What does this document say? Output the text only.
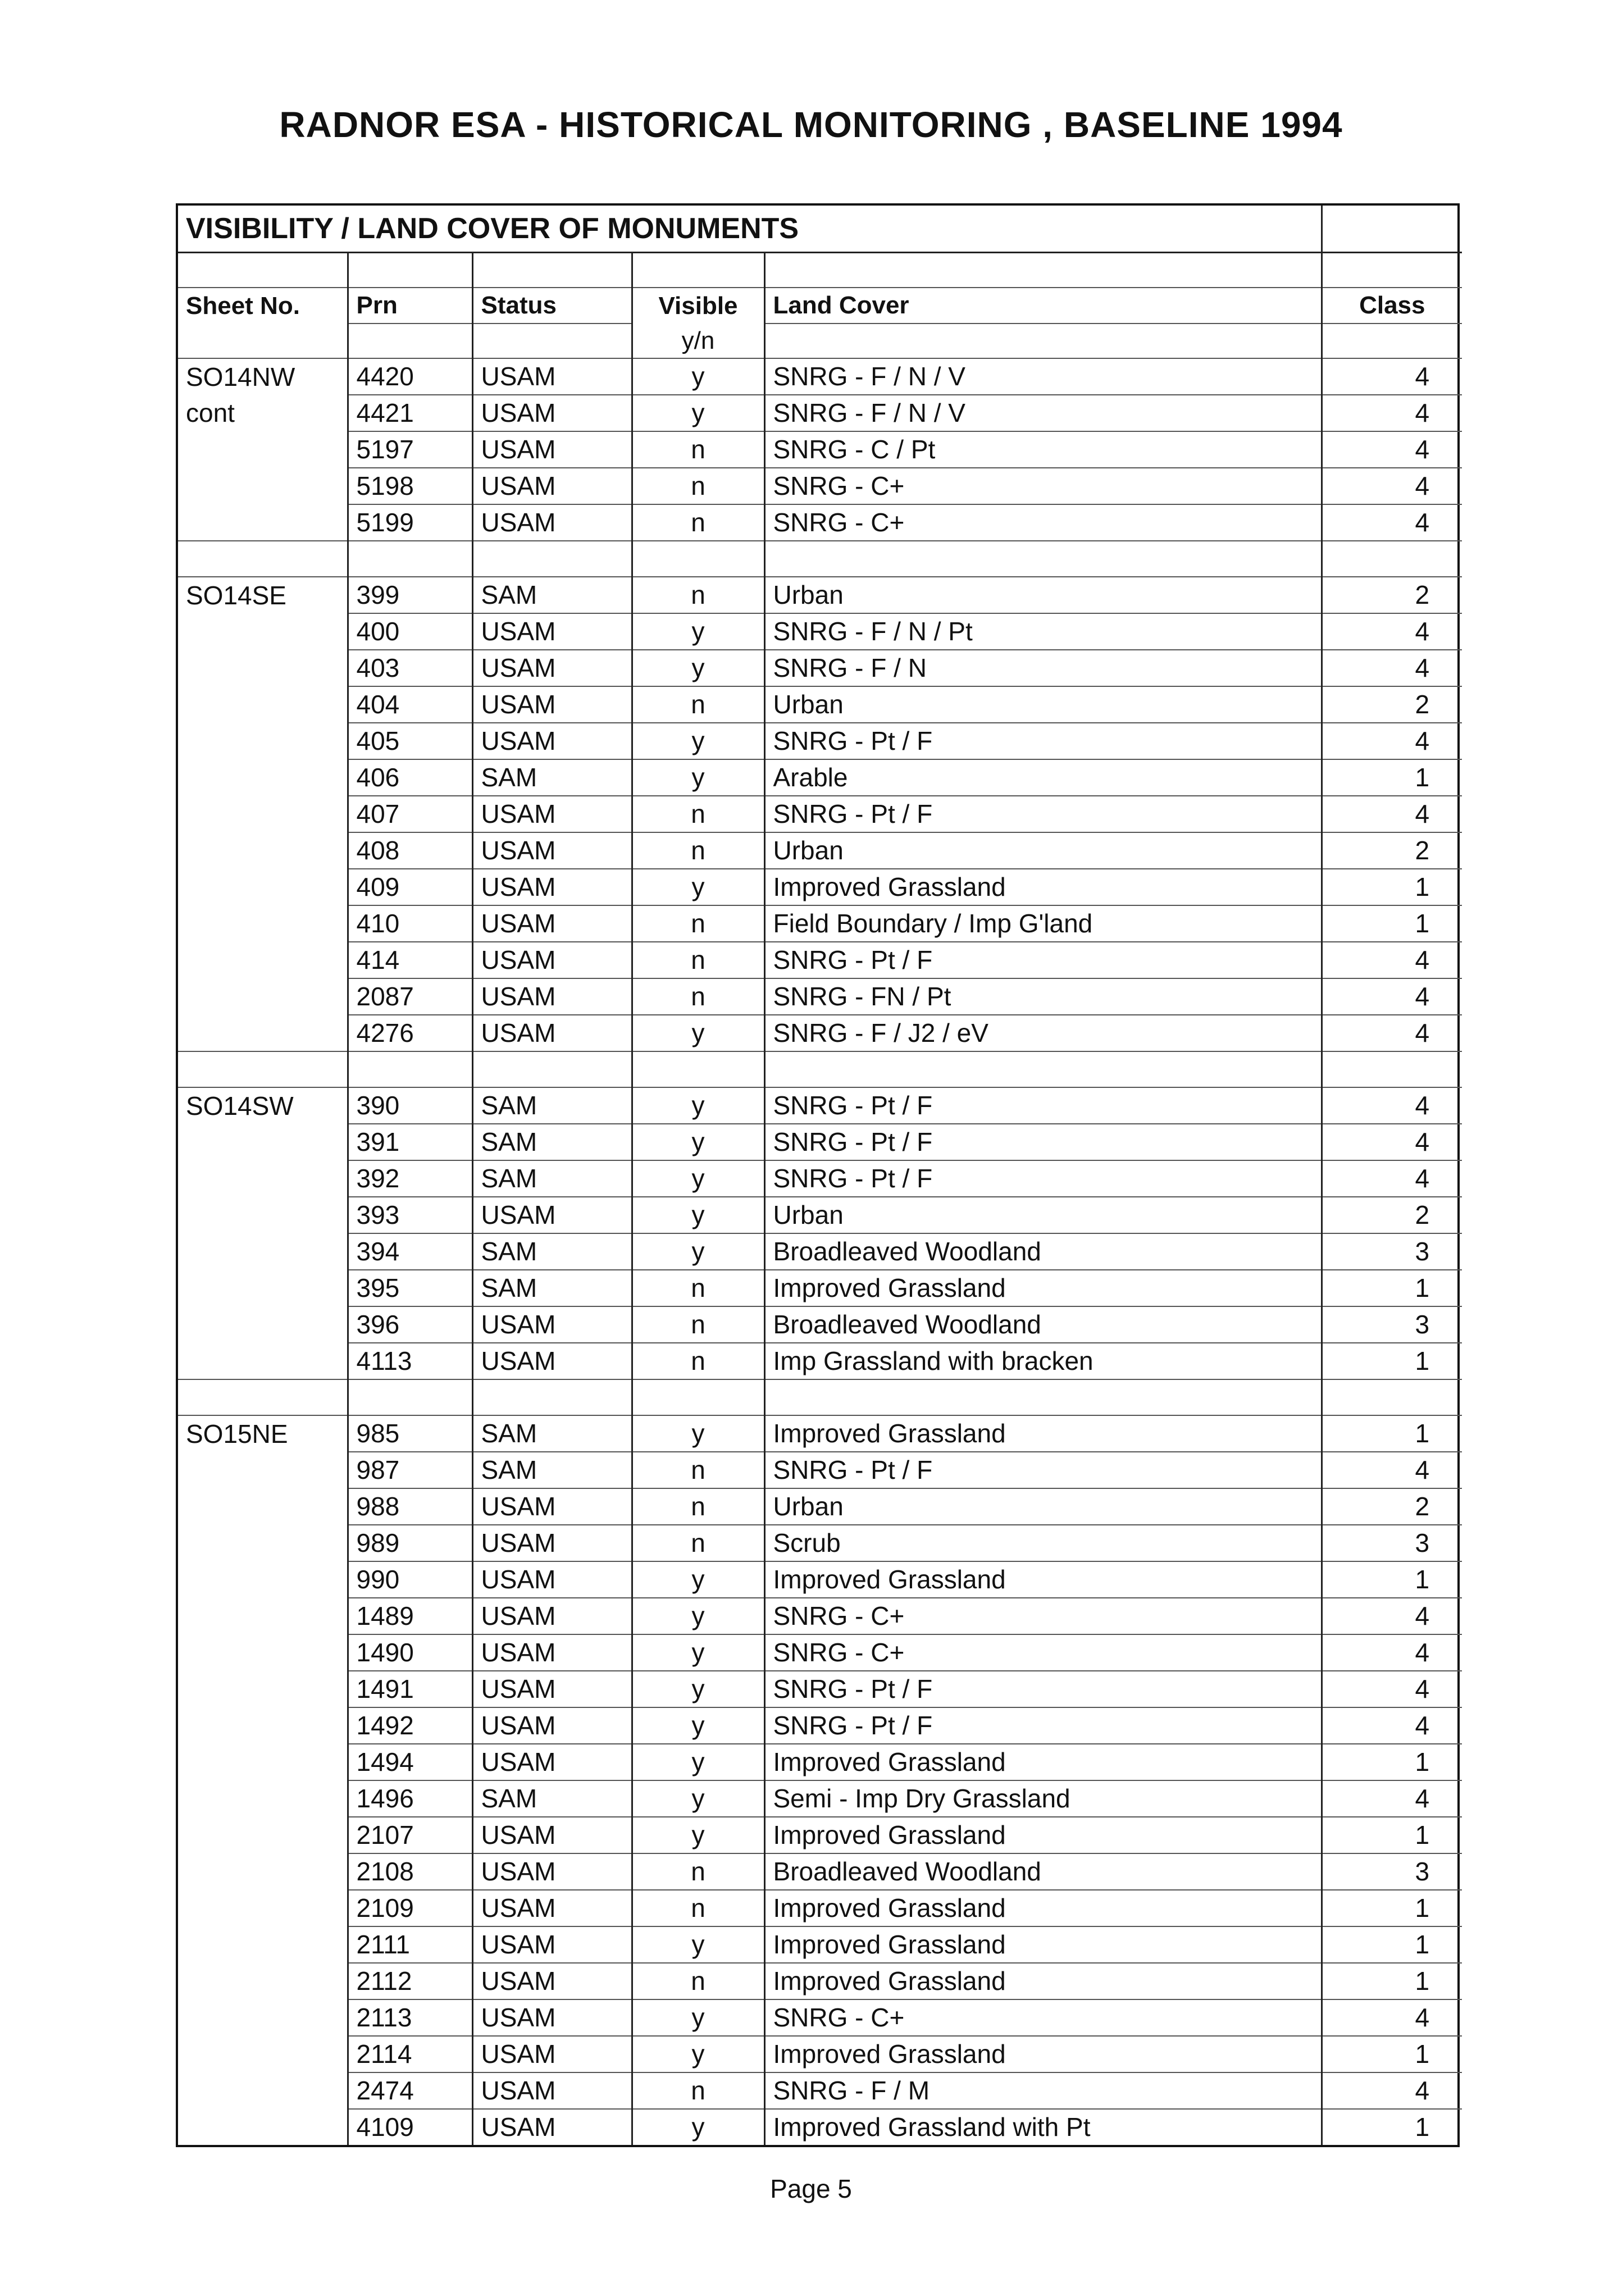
RADNOR ESA - HISTORICAL MONITORING , BASELINE 1994
VISIBILITY / LAND COVER OF MONUMENTS					

Sheet No.	Prn	Status	Visible	Land Cover	Class
			y/n		
SO14NW	4420	USAM	y	SNRG - F / N / V	4
cont	4421	USAM	y	SNRG - F / N / V	4
	5197	USAM	n	SNRG - C / Pt	4
	5198	USAM	n	SNRG - C+	4
	5199	USAM	n	SNRG - C+	4

SO14SE	399	SAM	n	Urban	2
	400	USAM	y	SNRG - F / N / Pt	4
	403	USAM	y	SNRG - F / N	4
	404	USAM	n	Urban	2
	405	USAM	y	SNRG - Pt / F	4
	406	SAM	y	Arable	1
	407	USAM	n	SNRG - Pt / F	4
	408	USAM	n	Urban	2
	409	USAM	y	Improved Grassland	1
	410	USAM	n	Field Boundary / Imp G'land	1
	414	USAM	n	SNRG - Pt / F	4
	2087	USAM	n	SNRG - FN / Pt	4
	4276	USAM	y	SNRG - F / J2 / eV	4

SO14SW	390	SAM	y	SNRG - Pt / F	4
	391	SAM	y	SNRG - Pt / F	4
	392	SAM	y	SNRG - Pt / F	4
	393	USAM	y	Urban	2
	394	SAM	y	Broadleaved Woodland	3
	395	SAM	n	Improved Grassland	1
	396	USAM	n	Broadleaved Woodland	3
	4113	USAM	n	Imp Grassland with bracken	1

SO15NE	985	SAM	y	Improved Grassland	1
	987	SAM	n	SNRG - Pt / F	4
	988	USAM	n	Urban	2
	989	USAM	n	Scrub	3
	990	USAM	y	Improved Grassland	1
	1489	USAM	y	SNRG - C+	4
	1490	USAM	y	SNRG - C+	4
	1491	USAM	y	SNRG - Pt / F	4
	1492	USAM	y	SNRG - Pt / F	4
	1494	USAM	y	Improved Grassland	1
	1496	SAM	y	Semi - Imp Dry Grassland	4
	2107	USAM	y	Improved Grassland	1
	2108	USAM	n	Broadleaved Woodland	3
	2109	USAM	n	Improved Grassland	1
	2111	USAM	y	Improved Grassland	1
	2112	USAM	n	Improved Grassland	1
	2113	USAM	y	SNRG - C+	4
	2114	USAM	y	Improved Grassland	1
	2474	USAM	n	SNRG - F / M	4
	4109	USAM	y	Improved Grassland with Pt	1
Page 5
